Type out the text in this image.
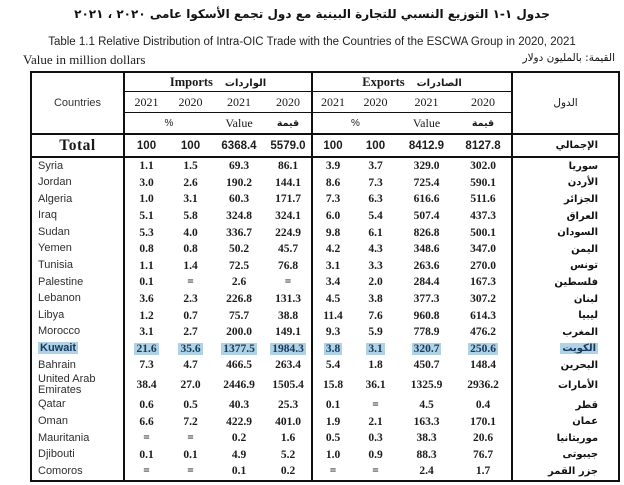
جدول ١-١ التوزيع النسبي للتجارة البينية مع دول تجمع الأسكوا عامى ٢٠٢٠ ، ٢٠٢١
Table 1.1 Relative Distribution of Intra-OIC Trade with the Countries of the ESCWA Group in 2020, 2021
Value in million dollars	القيمة: بالمليون دولار
Countries	Imports الواردات				Exports الصادرات				الدول
	2021	2020	2021	2020	2021	2020	2021	2020	
	%		Value	قيمة	%		Value	قيمة	
Total	100	100	6368.4	5579.0	100	100	8412.9	8127.8	الإجمالي
Syria	1.1	1.5	69.3	86.1	3.9	3.7	329.0	302.0	سوريا
Jordan	3.0	2.6	190.2	144.1	8.6	7.3	725.4	590.1	الأردن
Algeria	1.0	3.1	60.3	171.7	7.3	6.3	616.6	511.6	الجزائر
Iraq	5.1	5.8	324.8	324.1	6.0	5.4	507.4	437.3	العراق
Sudan	5.3	4.0	336.7	224.9	9.8	6.1	826.8	500.1	السودان
Yemen	0.8	0.8	50.2	45.7	4.2	4.3	348.6	347.0	اليمن
Tunisia	1.1	1.4	72.5	76.8	3.1	3.3	263.6	270.0	تونس
Palestine	0.1	=	2.6	=	3.4	2.0	284.4	167.3	فلسطين
Lebanon	3.6	2.3	226.8	131.3	4.5	3.8	377.3	307.2	لبنان
Libya	1.2	0.7	75.7	38.8	11.4	7.6	960.8	614.3	ليبيا
Morocco	3.1	2.7	200.0	149.1	9.3	5.9	778.9	476.2	المغرب
Kuwait	21.6	35.6	1377.5	1984.3	3.8	3.1	320.7	250.6	الكويت
Bahrain	7.3	4.7	466.5	263.4	5.4	1.8	450.7	148.4	البحرين
United Arab Emirates	38.4	27.0	2446.9	1505.4	15.8	36.1	1325.9	2936.2	الأمارات
Qatar	0.6	0.5	40.3	25.3	0.1	=	4.5	0.4	قطر
Oman	6.6	7.2	422.9	401.0	1.9	2.1	163.3	170.1	عمان
Mauritania	=	=	0.2	1.6	0.5	0.3	38.3	20.6	موريتانيا
Djibouti	0.1	0.1	4.9	5.2	1.0	0.9	88.3	76.7	جيبوتى
Comoros	=	=	0.1	0.2	=	=	2.4	1.7	جزر القمر
